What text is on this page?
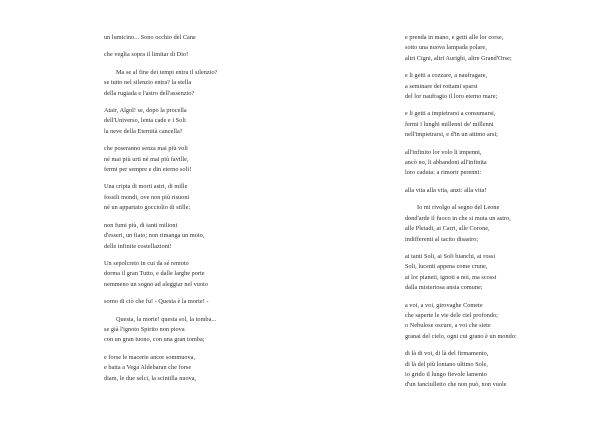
un lumicino... Sono occhio del Cane
che veglia sopra il limitar di Dio!
Ma se al fine dei tempi entra il silenzio?
se tutto nel silenzio entra? la stella
della rugiada e l'astro dell'assenzio?
Atair, Algol! se, dopo la procella
dell'Universo, lenta cade e i Soli
la neve della Eternità cancella?
che poseranno senza mai più voli
né mai più urti né mai più faville,
fermi per sempre e din eterno soli!
Una cripta di morti astri, di mille
fossili mondi, ove non più risuoni
né un appartato gocciolio di stille;
non fumi più, di tanti milioni
d'esseri, un fiato; non rimanga un moto,
delle infinite costellazioni!
Un sepolcreto in cui da sé remoto
dorma il gran Tutto, e dalle larghe porte
nemmeno un sogno ad aleggiar nel vuoto
sorno di ciò che fu! - Questa è la morte! -
Questa, la morte! questa sol, la tomba...
se già l'ignoto Spirito non piova
con un gran tuono, con una gran tomba;
e forse le macerie ancor sommuova,
e batta a Vega Aldebaran che forse
diam, le due selci, la scintilla nuova,
e prenda in mano, e getti alle lor corse,
sotto una nuova lampada polare,
altri Cigni, altri Aurighi, altre Grand'Orse;
e li getti a cozzare, a naufragare,
a seminare dei rottami sparsi
del lor naufragio il loro eterno mare;
e li getti a impietrarsi a consumarsi,
fermi i lunghi millenni de' millenni
nell'impietrarsi, e d'in un attimo arsi;
all'infinito lor volo li impenni,
ancò no, li abbandoni all'infinita
loro caduta: a rimorir perenni:
alla vita alla vita, anzi: alla vita!
Io mi rivolgo al segno del Leone
dond'arde il fuoco in che si muta un astro,
alle Pleiadi, ai Carri, alle Corone,
indifferenti al tacito disastro;
ai tanti Soli, ai Soli bianchi, ai rossi
Soli, lucenti appena come crune,
ai lor pianeti, ignoti a noi, ma scossi
dalla misteriosa ansia comune;
a voi, a voi, girovaghe Comete
che saperte le vie dele ciel profondo;
o Nebulose oscure, a voi che siete
granai del cielo, ogni cui grano è un mondo:
di là di voi, di là del firmamento,
di là del più lontano ultimo Sole,
io grido il lungo fievole lamento
d'un fanciulletto che non può, non vuole
